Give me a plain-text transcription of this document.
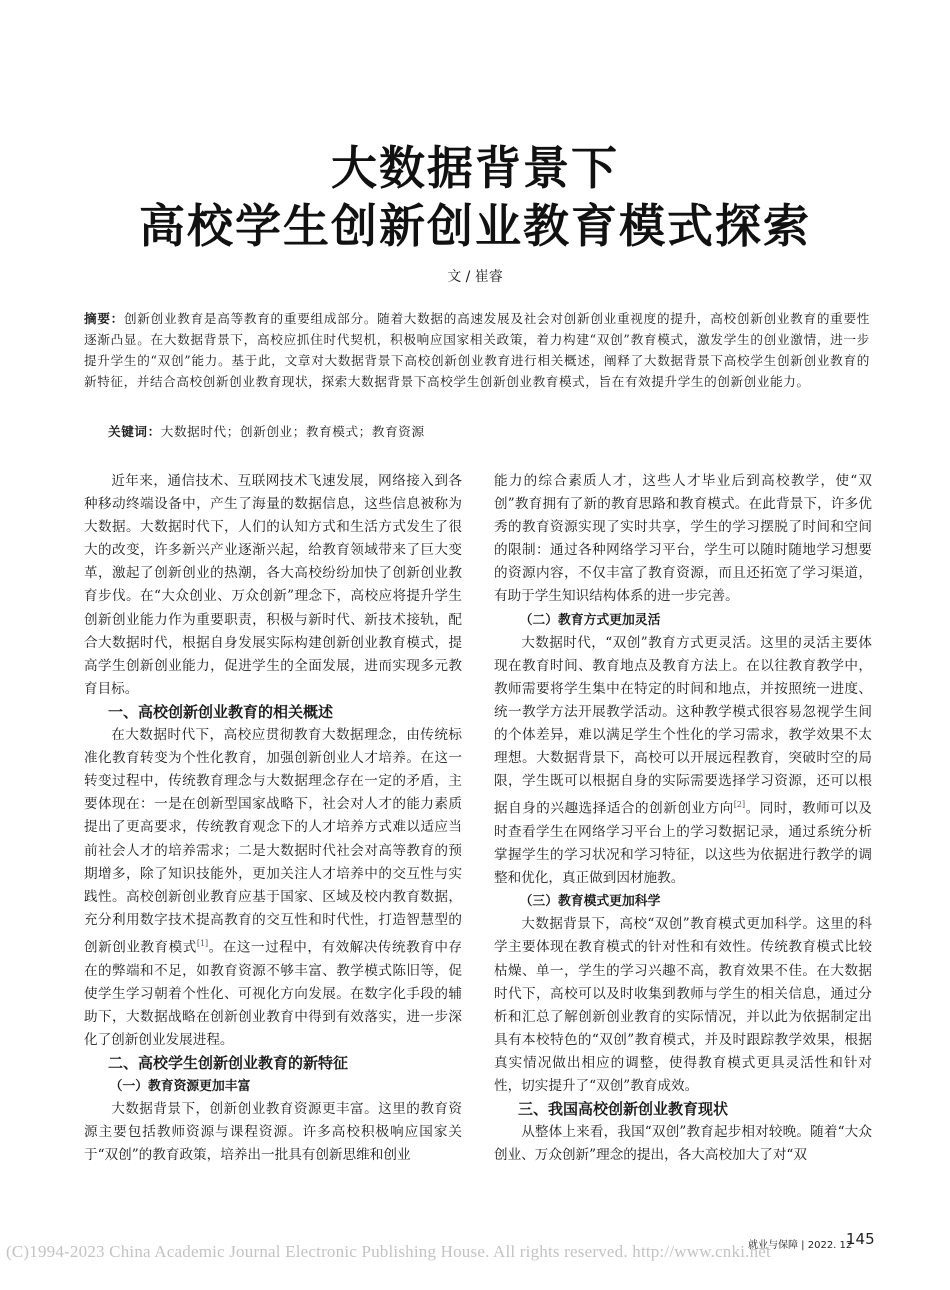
大数据背景下
高校学生创新创业教育模式探索
文 / 崔睿
摘要：创新创业教育是高等教育的重要组成部分。随着大数据的高速发展及社会对创新创业重视度的提升，高校创新创业教育的重要性逐渐凸显。在大数据背景下，高校应抓住时代契机，积极响应国家相关政策，着力构建“双创”教育模式，激发学生的创业激情，进一步提升学生的“双创”能力。基于此，文章对大数据背景下高校创新创业教育进行相关概述，阐释了大数据背景下高校学生创新创业教育的新特征，并结合高校创新创业教育现状，探索大数据背景下高校学生创新创业教育模式，旨在有效提升学生的创新创业能力。
关键词：大数据时代；创新创业；教育模式；教育资源

近年来，通信技术、互联网技术飞速发展，网络接入到各种移动终端设备中，产生了海量的数据信息，这些信息被称为大数据。大数据时代下，人们的认知方式和生活方式发生了很大的改变，许多新兴产业逐渐兴起，给教育领域带来了巨大变革，激起了创新创业的热潮，各大高校纷纷加快了创新创业教育步伐。在“大众创业、万众创新”理念下，高校应将提升学生创新创业能力作为重要职责，积极与新时代、新技术接轨，配合大数据时代，根据自身发展实际构建创新创业教育模式，提高学生创新创业能力，促进学生的全面发展，进而实现多元教育目标。

一、高校创新创业教育的相关概述

在大数据时代下，高校应贯彻教育大数据理念，由传统标准化教育转变为个性化教育，加强创新创业人才培养。在这一转变过程中，传统教育理念与大数据理念存在一定的矛盾，主要体现在：一是在创新型国家战略下，社会对人才的能力素质提出了更高要求，传统教育观念下的人才培养方式难以适应当前社会人才的培养需求；二是大数据时代社会对高等教育的预期增多，除了知识技能外，更加关注人才培养中的交互性与实践性。高校创新创业教育应基于国家、区域及校内教育数据，充分利用数字技术提高教育的交互性和时代性，打造智慧型的创新创业教育模式[1]。在这一过程中，有效解决传统教育中存在的弊端和不足，如教育资源不够丰富、教学模式陈旧等，促使学生学习朝着个性化、可视化方向发展。在数字化手段的辅助下，大数据战略在创新创业教育中得到有效落实，进一步深化了创新创业发展进程。

二、高校学生创新创业教育的新特征
（一）教育资源更加丰富

大数据背景下，创新创业教育资源更丰富。这里的教育资源主要包括教师资源与课程资源。许多高校积极响应国家关于“双创”的教育政策，培养出一批具有创新思维和创业

能力的综合素质人才，这些人才毕业后到高校教学，使“双创”教育拥有了新的教育思路和教育模式。在此背景下，许多优秀的教育资源实现了实时共享，学生的学习摆脱了时间和空间的限制：通过各种网络学习平台，学生可以随时随地学习想要的资源内容，不仅丰富了教育资源，而且还拓宽了学习渠道，有助于学生知识结构体系的进一步完善。

（二）教育方式更加灵活

大数据时代，“双创”教育方式更灵活。这里的灵活主要体现在教育时间、教育地点及教育方法上。在以往教育教学中，教师需要将学生集中在特定的时间和地点，并按照统一进度、统一教学方法开展教学活动。这种教学模式很容易忽视学生间的个体差异，难以满足学生个性化的学习需求，教学效果不太理想。大数据背景下，高校可以开展远程教育，突破时空的局限，学生既可以根据自身的实际需要选择学习资源，还可以根据自身的兴趣选择适合的创新创业方向[2]。同时，教师可以及时查看学生在网络学习平台上的学习数据记录，通过系统分析掌握学生的学习状况和学习特征，以这些为依据进行教学的调整和优化，真正做到因材施教。

（三）教育模式更加科学

大数据背景下，高校“双创”教育模式更加科学。这里的科学主要体现在教育模式的针对性和有效性。传统教育模式比较枯燥、单一，学生的学习兴趣不高，教育效果不佳。在大数据时代下，高校可以及时收集到教师与学生的相关信息，通过分析和汇总了解创新创业教育的实际情况，并以此为依据制定出具有本校特色的“双创”教育模式，并及时跟踪教学效果，根据真实情况做出相应的调整，使得教育模式更具灵活性和针对性，切实提升了“双创”教育成效。

三、我国高校创新创业教育现状

从整体上来看，我国“双创”教育起步相对较晚。随着“大众创业、万众创新”理念的提出，各大高校加大了对“双

就业与保障 | 2022. 12
145
(C)1994-2023 China Academic Journal Electronic Publishing House. All rights reserved. http://www.cnki.net
